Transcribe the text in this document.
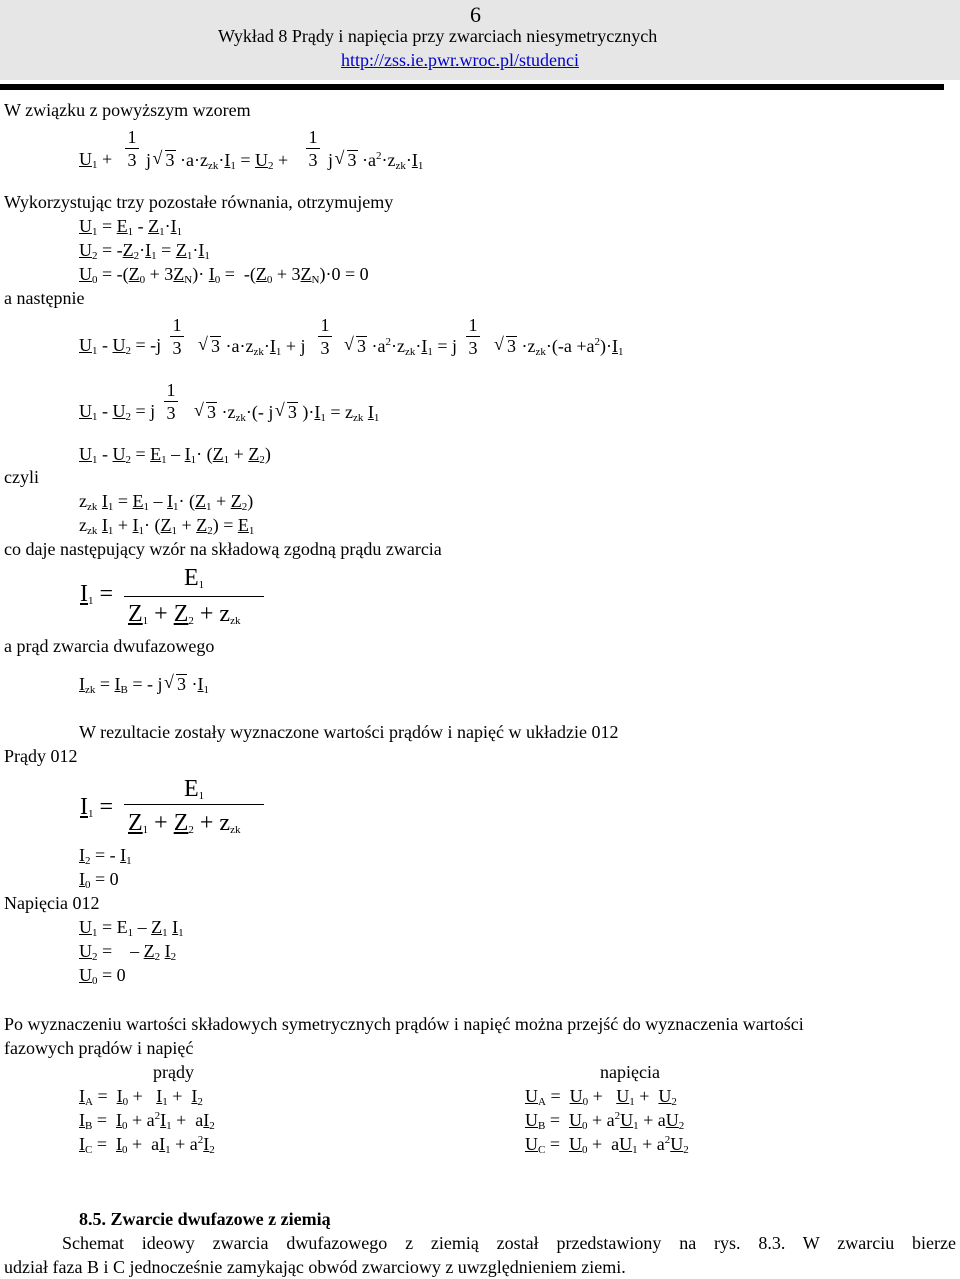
6
Wykład 8 Prądy i napięcia przy zwarciach niesymetrycznych
http://zss.ie.pwr.wroc.pl/studenci
W związku z powyższym wzorem
$U_1$ +
1
3 j   √ $3 \cdot a\cdot z_{zk}\cdot I_1 = U_2$ +
1
3 j   √ $3 \cdot a^2\cdot z_{zk}\cdot I_1$
Wykorzystując trzy pozostałe równania, otrzymujemy
$U_1 = E_1 - Z_1\cdot I_1$
$U_2 = -Z_2\cdot I_1 = Z_1\cdot I_1$
$U_0 = -(Z_0 + 3Z_N)\cdot I_0 = -(Z_0 + 3Z_N)\cdot 0 = 0$
a następnie
$U_1 - U_2 = -j$
1
3 √ $3 \cdot a\cdot z_{zk}\cdot I_1 + j$
1
3 √ $3 \cdot a^2\cdot z_{zk}\cdot I_1 = j$
1
3 √ $3 \cdot z_{zk}\cdot(-a +a^2)\cdot I_1$
$U_1 - U_2 = j$
1
3 √ $3 \cdot z_{zk}\cdot(-$ j   √ 3 )$\cdot I_1 = z_{zk}$ $I_1$
$U_1 - U_2 = E_1 - I_1\cdot (Z_1 + Z_2)$
czyli
$z_{zk}$ $I_1 = E_1 - I_1\cdot (Z_1 + Z_2)$
$z_{zk}$ $I_1 + I_1\cdot (Z_1 + Z_2) = E_1$
co daje następujący wzór na składową zgodną prądu zwarcia
$I_1$ =
$E_1$
$Z_1 + Z_2 + z_{zk}$
a prąd zwarcia dwufazowego
$I_{zk} = I_B$ = - j   √ $3 \cdot I_1$
W rezultacie zostały wyznaczone wartości prądów i napięć w układzie 012
Prądy 012
$I_1$ =
$E_1$
$Z_1 + Z_2 + z_{zk}$
$I_2$ = - $I_1$
$I_0 = 0$
Napięcia 012
$U_1 = E_1 - Z_1$ $I_1$
$U_2$ =    – $Z_2$ $I_2$
$U_0 = 0$
Po wyznaczeniu wartości składowych symetrycznych prądów i napięć można przejść do wyznaczenia wartości
fazowych prądów i napięć
prądy	napięcia
$I_A = I_0 + I_1 + I_2$
$I_B = I_0 + a^2I_1 + aI_2$
$I_C = I_0 + aI_1 + a^2I_2$
$U_A = U_0 + U_1 + U_2$
$U_B = U_0 + a^2U_1 + aU_2$
$U_C = U_0 + aU_1 + a^2U_2$
8.5. Zwarcie dwufazowe z ziemią
Schemat ideowy zwarcia dwufazowego z ziemią został przedstawiony na rys. 8.3. W zwarciu bierze
udział faza B i C jednocześnie zamykając obwód zwarciowy z uwzględnieniem ziemi.
